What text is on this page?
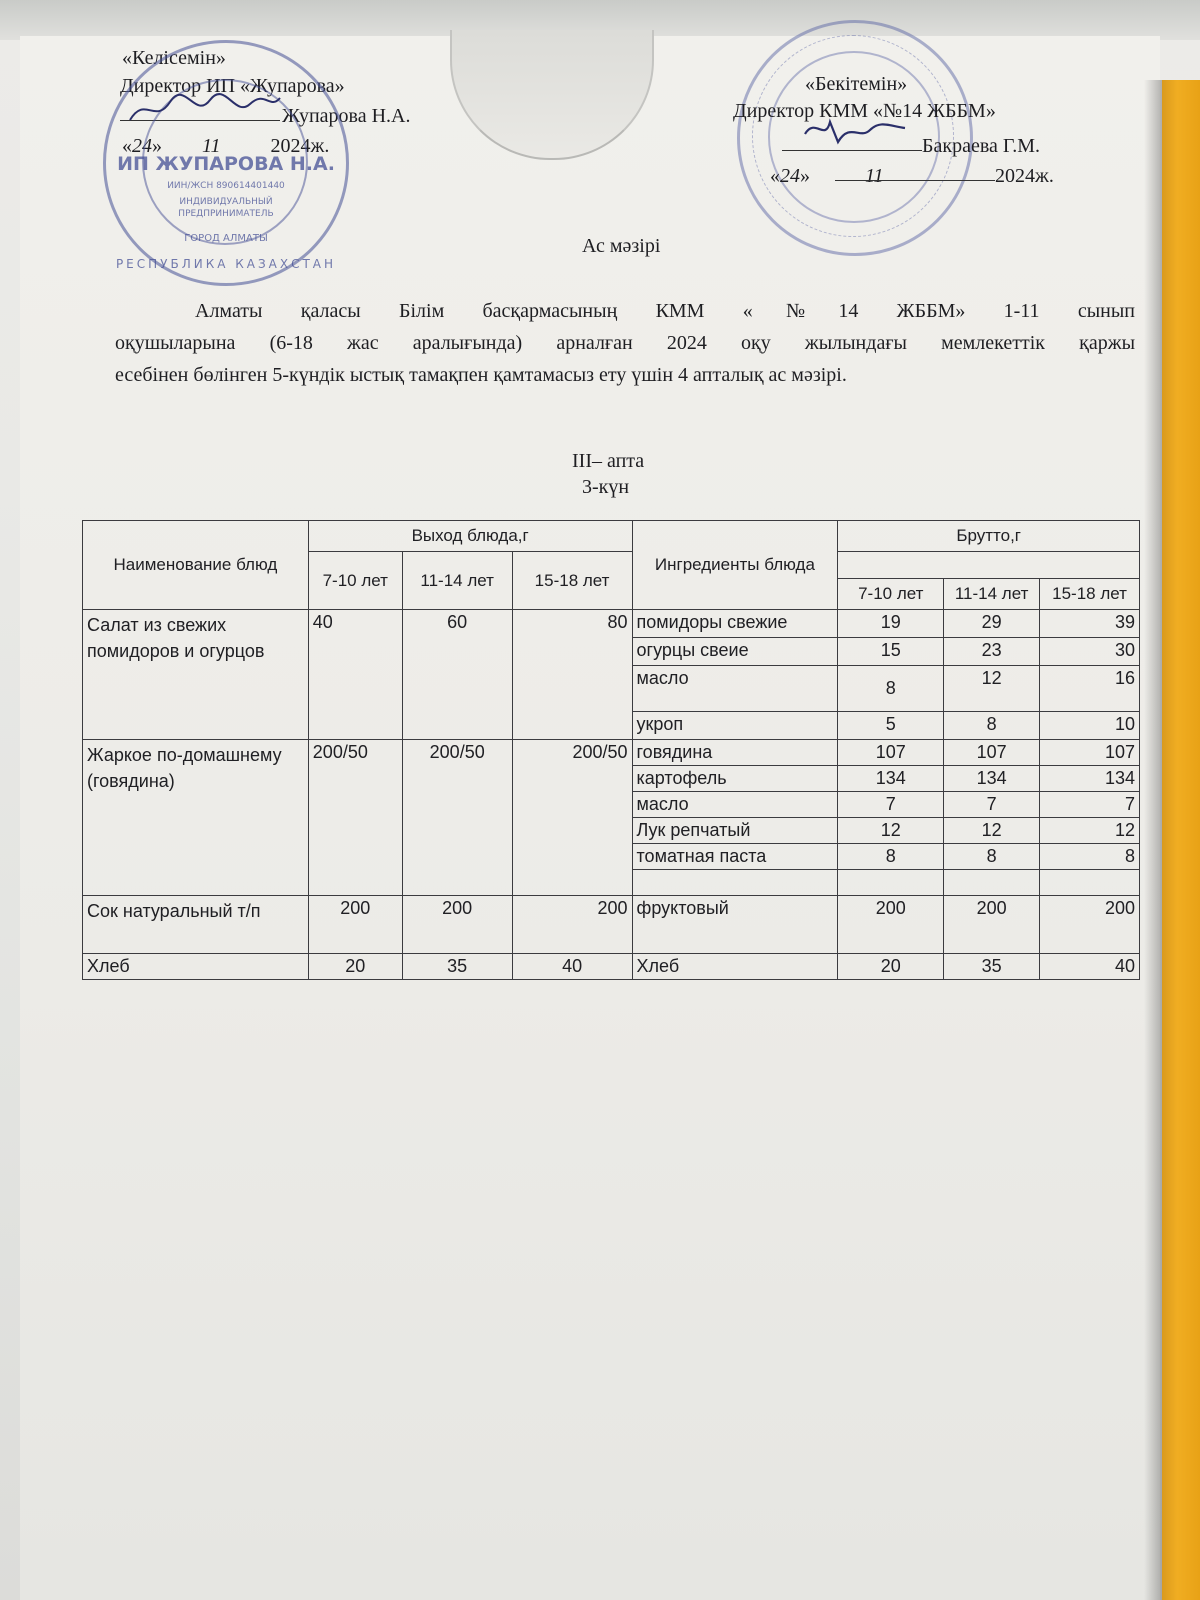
«Келісемін»
Директор ИП «Жупарова»
Жупарова Н.А.
«24»        11	2024ж.
ИП ЖУПАРОВА Н.А.
ИИН/ЖСН 890614401440
ИНДИВИДУАЛЬНЫЙ
ПРЕДПРИНИМАТЕЛЬ
ГОРОД АЛМАТЫ
РЕСПУБЛИКА КАЗАХСТАН
«Бекітемін»
Директор КММ «№14 ЖББМ»
Бакраева Г.М.
«24»           11	2024ж.
Ас мәзірі
Алматы қаласы Білім басқармасының КММ «№14 ЖББМ» 1-11 сынып
оқушыларына (6-18 жас аралығында) арналған 2024 оқу жылындағы мемлекеттік қаржы
есебінен бөлінген 5-күндік ыстық тамақпен қамтамасыз ету үшін 4 апталық ас мәзірі.
III– апта
3-күн
Наименование блюд	Выход блюда,г			Ингредиенты блюда	Брутто,г		
	7-10 лет	11-14 лет	15-18 лет				
					7-10 лет	11-14 лет	15-18 лет
Салат из свежих помидоров и огурцов	40	60	80	помидоры свежие	19	29	39
				огурцы свеие	15	23	30
				масло	8	12	16
				укроп	5	8	10
Жаркое по-домашнему (говядина)	200/50	200/50	200/50	говядина	107	107	107
				картофель	134	134	134
				масло	7	7	7
				Лук репчатый	12	12	12
				томатная паста	8	8	8

Сок натуральный т/п	200	200	200	фруктовый	200	200	200
Хлеб	20	35	40	Хлеб	20	35	40
